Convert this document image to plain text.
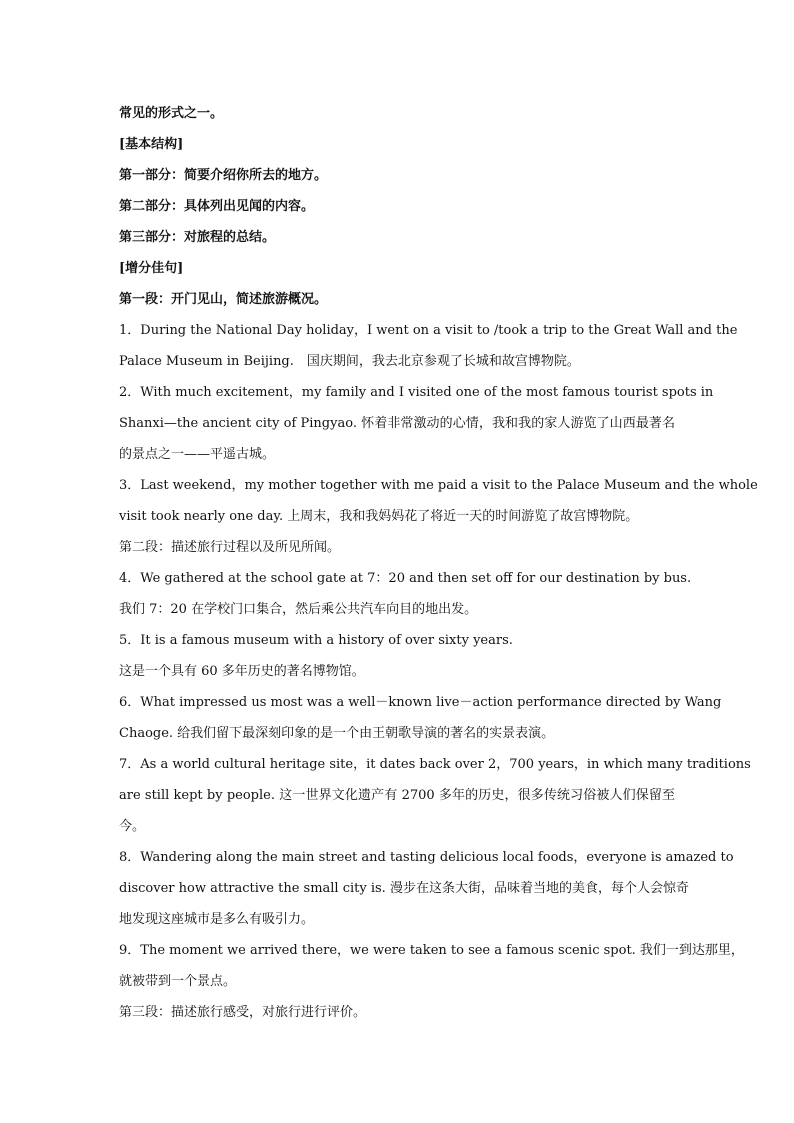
常见的形式之一。
[基本结构]
第一部分：简要介绍你所去的地方。
第二部分：具体列出见闻的内容。
第三部分：对旅程的总结。
[增分佳句]
第一段：开门见山，简述旅游概况。
1．During the National Day holiday，I went on a visit to /took a trip to the Great Wall and the
Palace Museum in Beijing.　国庆期间，我去北京参观了长城和故宫博物院。
2．With much excitement，my family and I visited one of the most famous tourist spots in
Shanxi—the ancient city of Pingyao. 怀着非常激动的心情，我和我的家人游览了山西最著名
的景点之一——平遥古城。
3．Last weekend，my mother together with me paid a visit to the Palace Museum and the whole
visit took nearly one day. 上周末，我和我妈妈花了将近一天的时间游览了故宫博物院。
第二段：描述旅行过程以及所见所闻。
4．We gathered at the school gate at 7：20 and then set off for our destination by bus.
我们 7：20 在学校门口集合，然后乘公共汽车向目的地出发。
5．It is a famous museum with a history of over sixty years.
这是一个具有 60 多年历史的著名博物馆。
6．What impressed us most was a well－known live－action performance directed by Wang
Chaoge. 给我们留下最深刻印象的是一个由王朝歌导演的著名的实景表演。
7．As a world cultural heritage site，it dates back over 2，700 years，in which many traditions
are still kept by people. 这一世界文化遗产有 2700 多年的历史，很多传统习俗被人们保留至
今。
8．Wandering along the main street and tasting delicious local foods，everyone is amazed to
discover how attractive the small city is. 漫步在这条大街，品味着当地的美食，每个人会惊奇
地发现这座城市是多么有吸引力。
9．The moment we arrived there，we were taken to see a famous scenic spot. 我们一到达那里，
就被带到一个景点。
第三段：描述旅行感受，对旅行进行评价。
